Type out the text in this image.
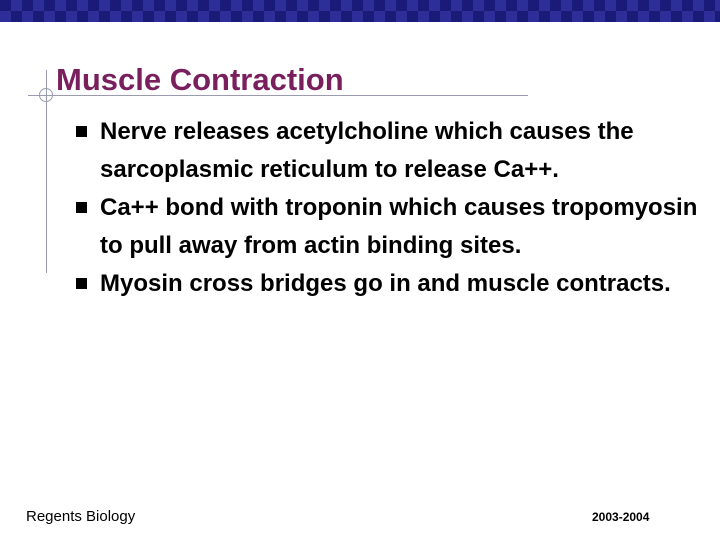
Muscle Contraction
Nerve releases acetylcholine which causes the sarcoplasmic reticulum to release Ca++.
Ca++ bond with troponin which causes tropomyosin to pull away from actin binding sites.
Myosin cross bridges go in and muscle contracts.
Regents Biology	2003-2004
